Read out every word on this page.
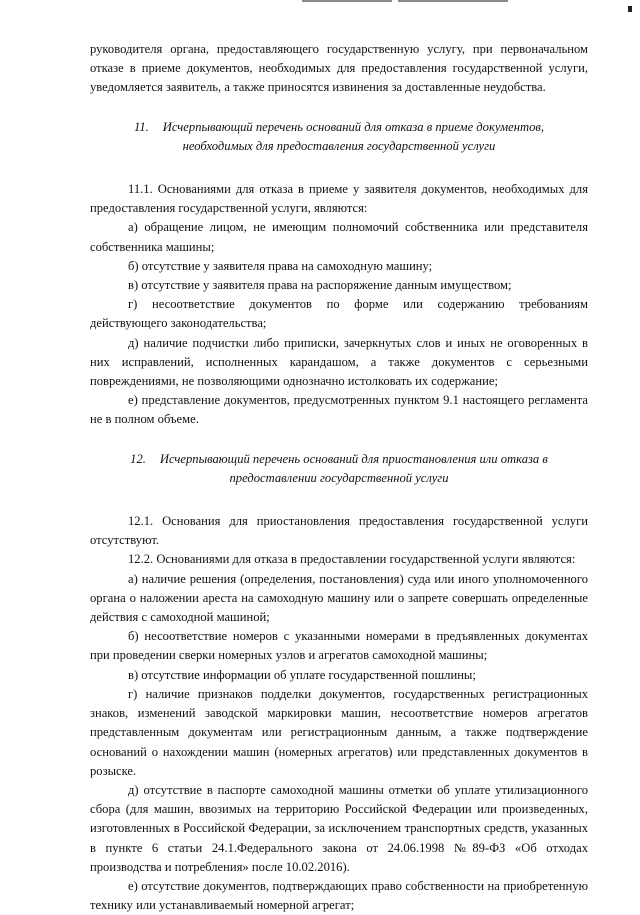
руководителя органа, предоставляющего государственную услугу, при первоначальном отказе в приеме документов, необходимых для предоставления государственной услуги, уведомляется заявитель, а также приносятся извинения за доставленные неудобства.

11. Исчерпывающий перечень оснований для отказа в приеме документов,
необходимых для предоставления государственной услуги

11.1. Основаниями для отказа в приеме у заявителя документов, необходимых для предоставления государственной услуги, являются:

а) обращение лицом, не имеющим полномочий собственника или представителя собственника машины;

б) отсутствие у заявителя права на самоходную машину;

в) отсутствие у заявителя права на распоряжение данным имуществом;

г) несоответствие документов по форме или содержанию требованиям действующего законодательства;

д) наличие подчистки либо приписки, зачеркнутых слов и иных не оговоренных в них исправлений, исполненных карандашом, а также документов с серьезными повреждениями, не позволяющими однозначно истолковать их содержание;

е) представление документов, предусмотренных пунктом 9.1 настоящего регламента не в полном объеме.

12. Исчерпывающий перечень оснований для приостановления или отказа в
предоставлении государственной услуги

12.1. Основания для приостановления предоставления государственной услуги отсутствуют.

12.2. Основаниями для отказа в предоставлении государственной услуги являются:

а) наличие решения (определения, постановления) суда или иного уполномоченного органа о наложении ареста на самоходную машину или о запрете совершать определенные действия с самоходной машиной;

б) несоответствие номеров с указанными номерами в предъявленных документах при проведении сверки номерных узлов и агрегатов самоходной машины;

в) отсутствие информации об уплате государственной пошлины;

г) наличие признаков подделки документов, государственных регистрационных знаков, изменений заводской маркировки машин, несоответствие номеров агрегатов представленным документам или регистрационным данным, а также подтверждение оснований о нахождении машин (номерных агрегатов) или представленных документов в розыске.

д) отсутствие в паспорте самоходной машины отметки об уплате утилизационного сбора (для машин, ввозимых на территорию Российской Федерации или произведенных, изготовленных в Российской Федерации, за исключением транспортных средств, указанных в пункте 6 статьи 24.1.Федерального закона от 24.06.1998 №89-ФЗ «Об отходах производства и потребления» после 10.02.2016).

е) отсутствие документов, подтверждающих право собственности на приобретенную технику или устанавливаемый номерной агрегат;
